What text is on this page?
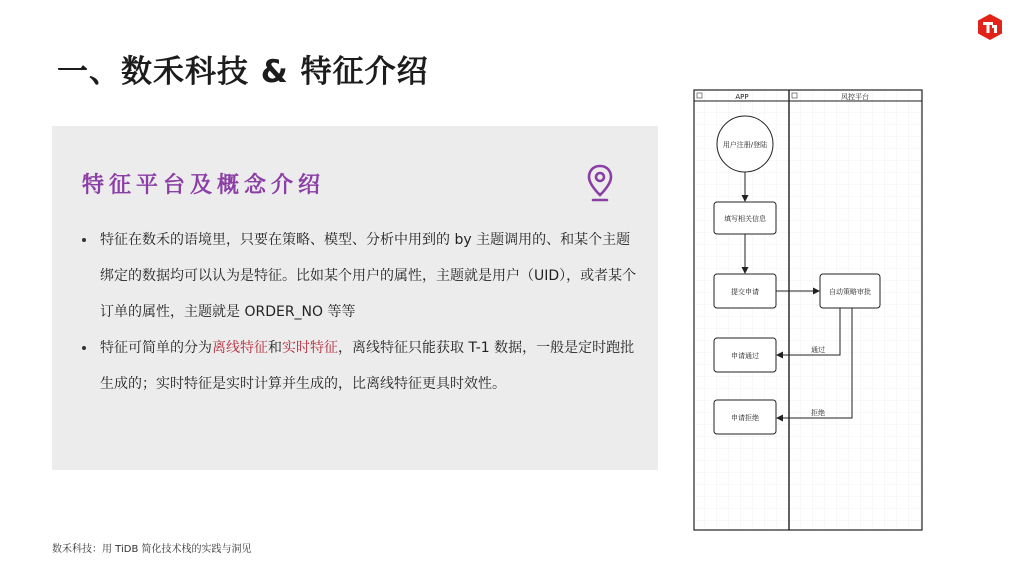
一、数禾科技 & 特征介绍
特征平台及概念介绍
特征在数禾的语境里，只要在策略、模型、分析中用到的 by 主题调用的、和某个主题绑定的数据均可以认为是特征。比如某个用户的属性，主题就是用户（UID），或者某个订单的属性，主题就是 ORDER_NO 等等
特征可简单的分为离线特征和实时特征，离线特征只能获取 T-1 数据，一般是定时跑批生成的；实时特征是实时计算并生成的，比离线特征更具时效性。
APP	风控平台
用户注册/登陆
填写相关信息
提交申请	自动策略审批
申请通过
申请拒绝
通过
拒绝
数禾科技：用 TiDB 简化技术栈的实践与洞见
